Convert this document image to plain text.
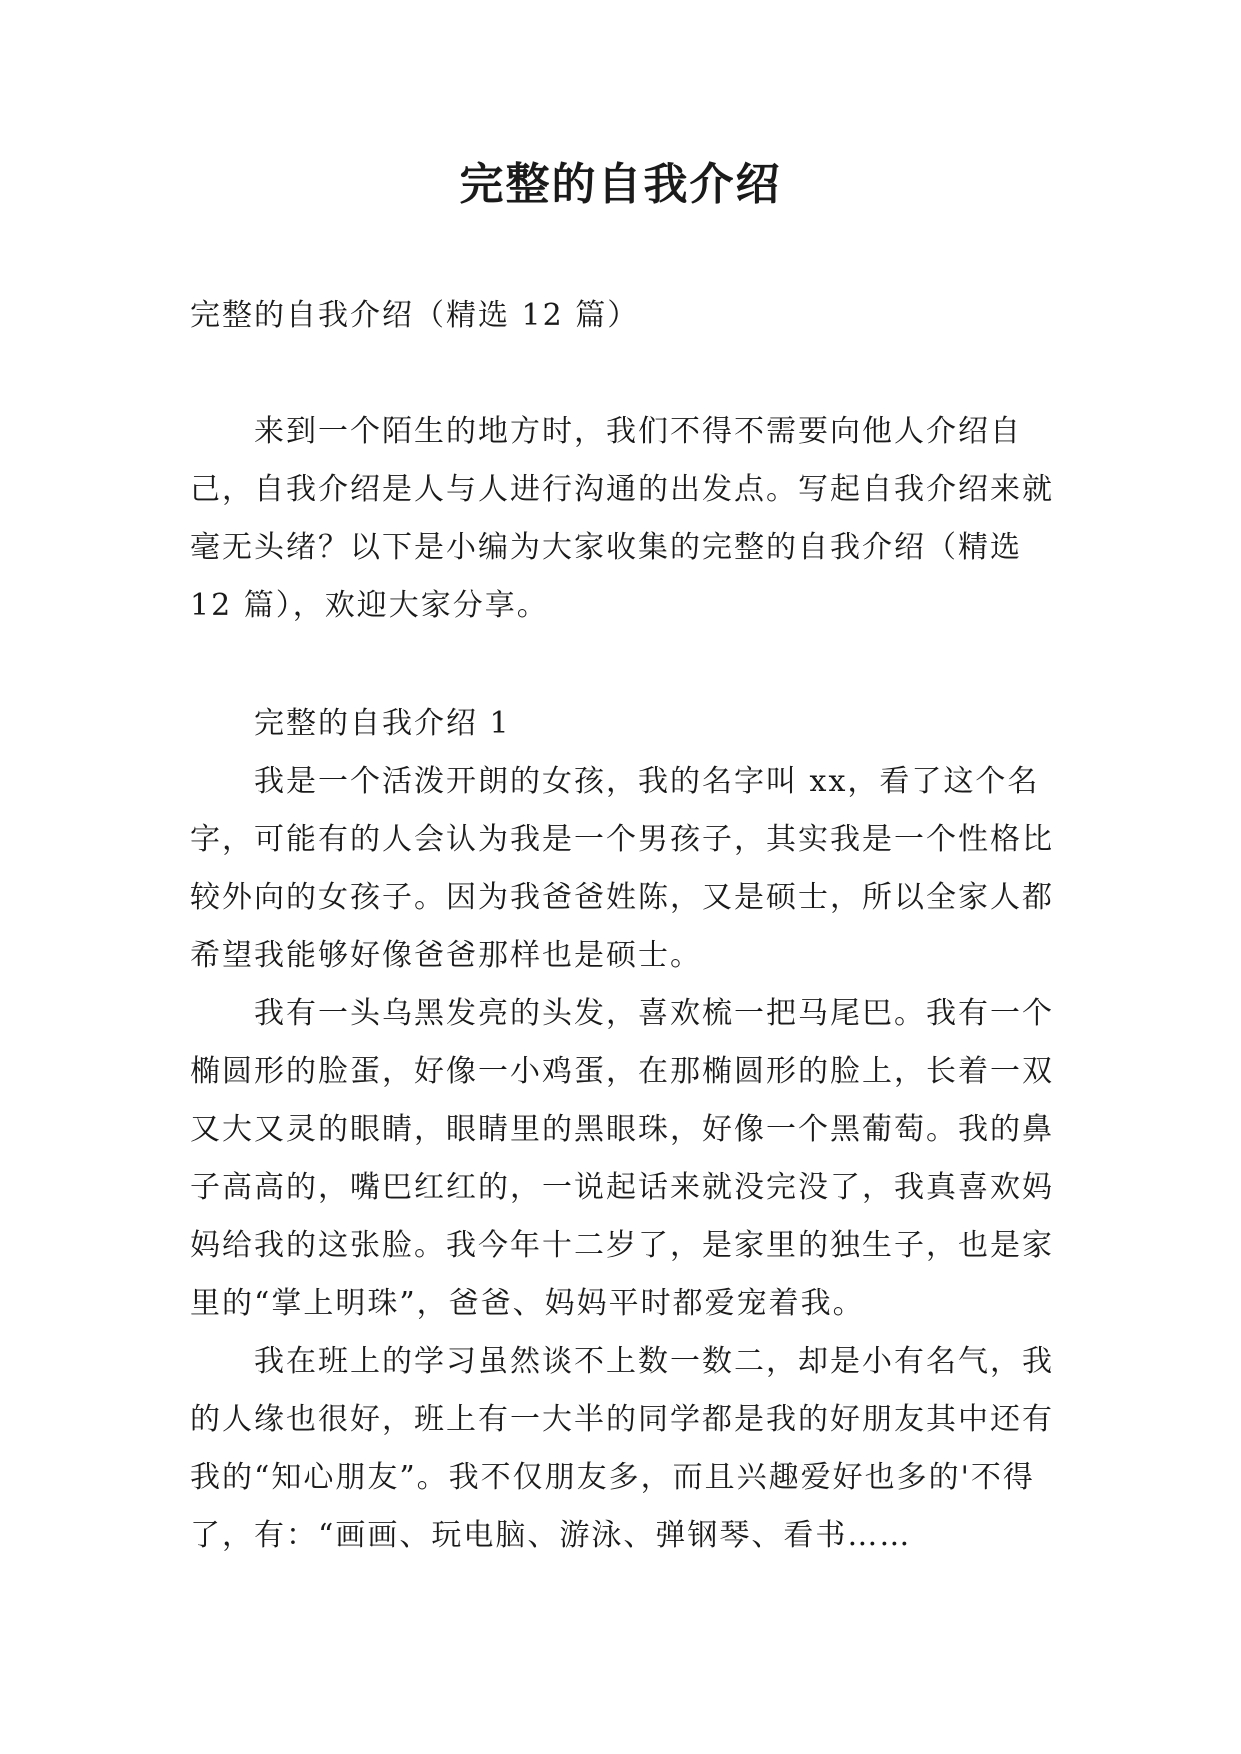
完整的自我介绍

完整的自我介绍（精选 12 篇）

来到一个陌生的地方时，我们不得不需要向他人介绍自己，自我介绍是人与人进行沟通的出发点。写起自我介绍来就毫无头绪？以下是小编为大家收集的完整的自我介绍（精选 12 篇），欢迎大家分享。

完整的自我介绍 1

我是一个活泼开朗的女孩，我的名字叫 xx，看了这个名字，可能有的人会认为我是一个男孩子，其实我是一个性格比较外向的女孩子。因为我爸爸姓陈，又是硕士，所以全家人都希望我能够好像爸爸那样也是硕士。

我有一头乌黑发亮的头发，喜欢梳一把马尾巴。我有一个椭圆形的脸蛋，好像一小鸡蛋，在那椭圆形的脸上，长着一双又大又灵的眼睛，眼睛里的黑眼珠，好像一个黑葡萄。我的鼻子高高的，嘴巴红红的，一说起话来就没完没了，我真喜欢妈妈给我的这张脸。我今年十二岁了，是家里的独生子，也是家里的“掌上明珠”，爸爸、妈妈平时都爱宠着我。

我在班上的学习虽然谈不上数一数二，却是小有名气，我的人缘也很好，班上有一大半的同学都是我的好朋友其中还有我的“知心朋友”。我不仅朋友多，而且兴趣爱好也多的'不得了，有：“画画、玩电脑、游泳、弹钢琴、看书……
